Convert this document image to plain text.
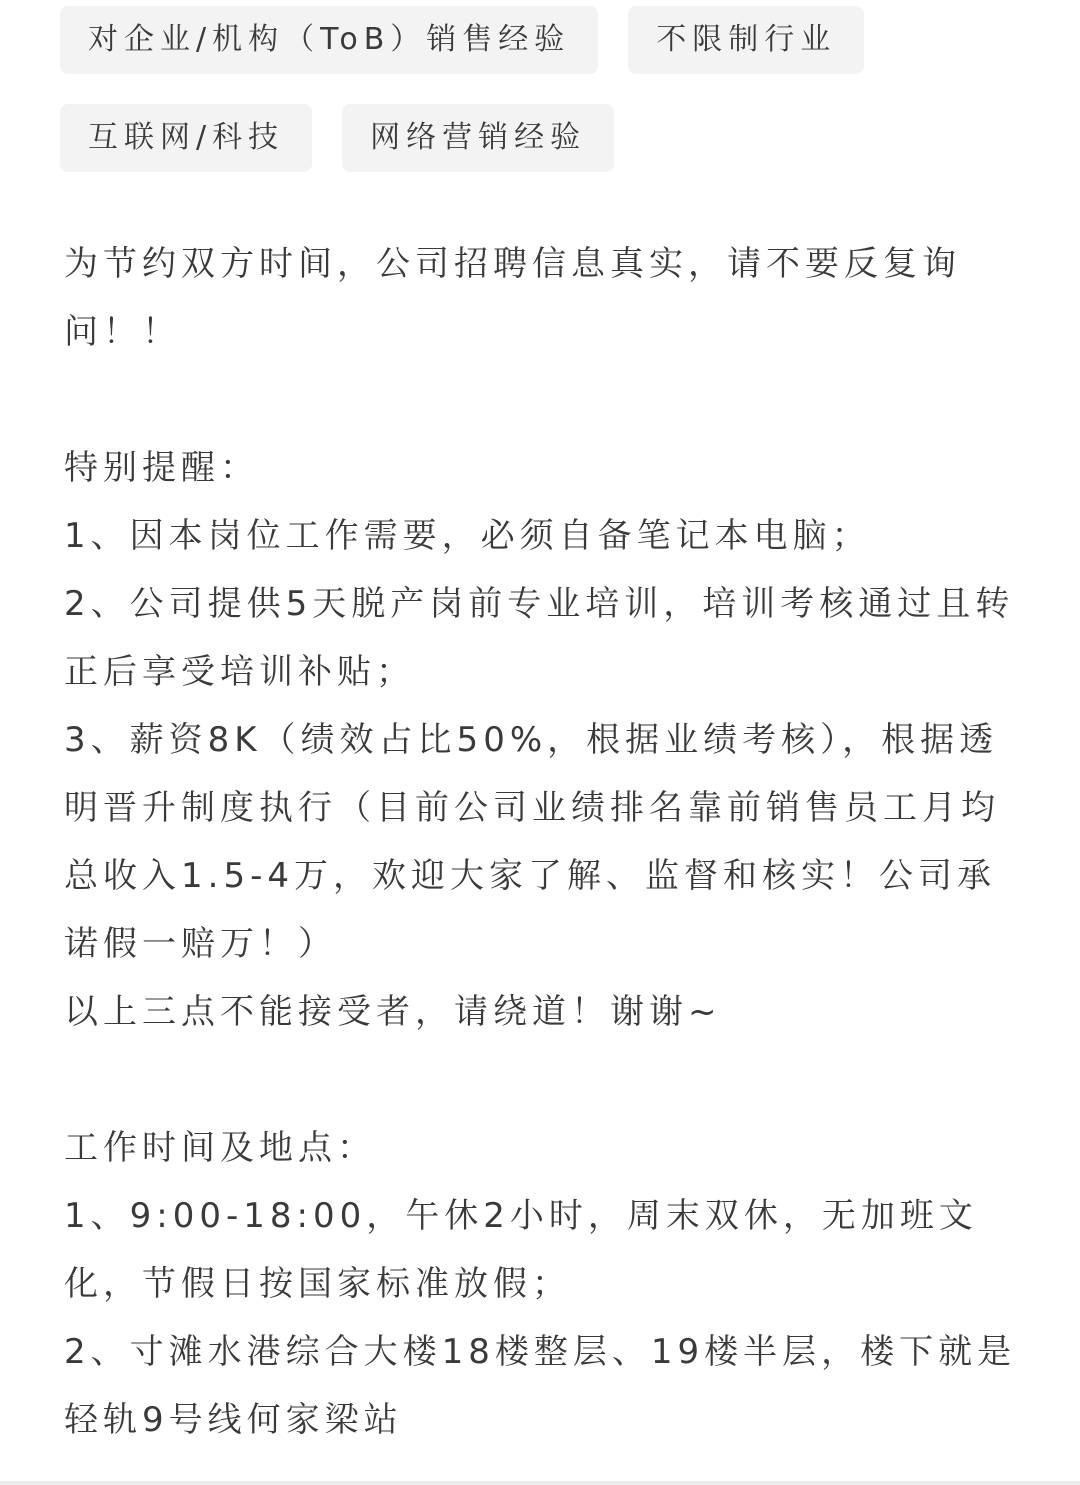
对企业/机构（ToB）销售经验	不限制行业
互联网/科技	网络营销经验

为节约双方时间，公司招聘信息真实，请不要反复询问！！

特别提醒：

1、因本岗位工作需要，必须自备笔记本电脑；

2、公司提供5天脱产岗前专业培训，培训考核通过且转正后享受培训补贴；

3、薪资8K（绩效占比50%，根据业绩考核），根据透明晋升制度执行（目前公司业绩排名靠前销售员工月均总收入1.5-4万，欢迎大家了解、监督和核实！公司承诺假一赔万！）

以上三点不能接受者，请绕道！谢谢~

工作时间及地点：

1、9:00-18:00，午休2小时，周末双休，无加班文化，节假日按国家标准放假；

2、寸滩水港综合大楼18楼整层、19楼半层，楼下就是轻轨9号线何家梁站
